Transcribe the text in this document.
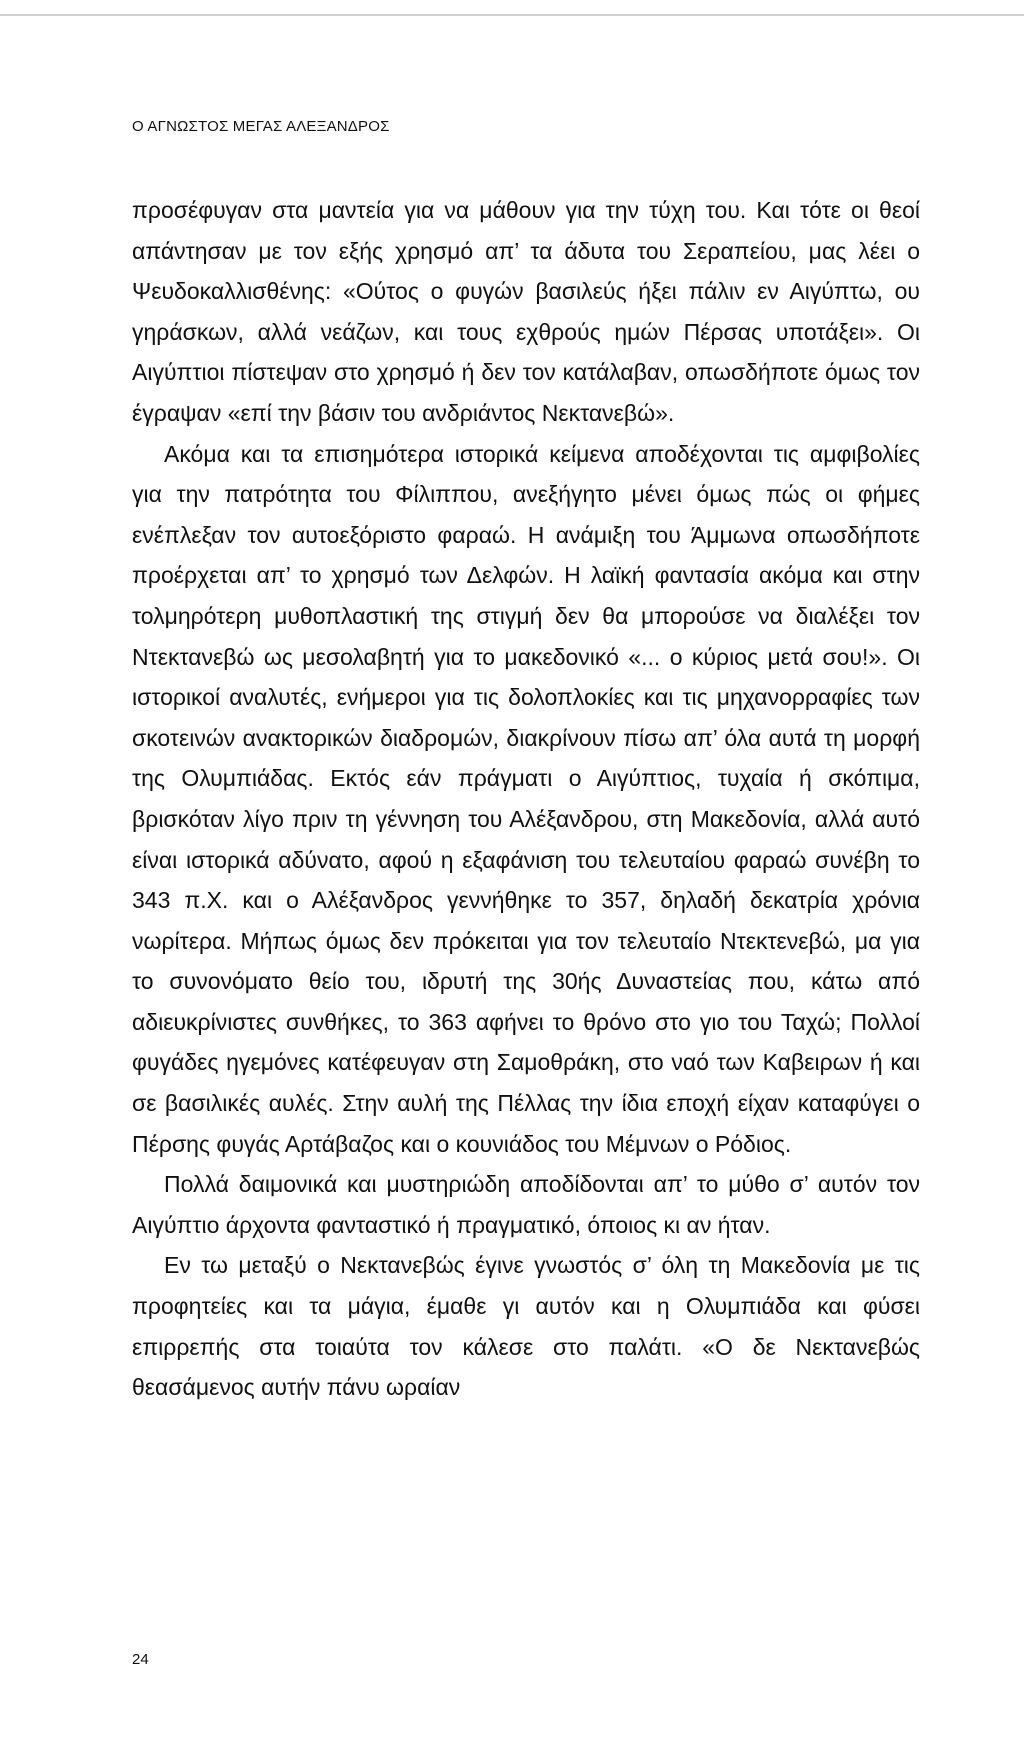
Ο ΑΓΝΩΣΤΟΣ ΜΕΓΑΣ ΑΛΕΞΑΝΔΡΟΣ

προσέφυγαν στα μαντεία για να μάθουν για την τύχη του. Και τότε οι θεοί απάντησαν με τον εξής χρησμό απ’ τα άδυτα του Σεραπείου, μας λέει ο Ψευδοκαλλισθένης: «Ούτος ο φυγών βασιλεύς ήξει πάλιν εν Αιγύπτω, ου γηράσκων, αλλά νεάζων, και τους εχθρούς ημών Πέρσας υποτάξει». Οι Αιγύπτιοι πίστεψαν στο χρησμό ή δεν τον κατάλαβαν, οπωσδήποτε όμως τον έγραψαν «επί την βάσιν του ανδριάντος Νεκτανεβώ».

Ακόμα και τα επισημότερα ιστορικά κείμενα αποδέχονται τις αμφιβολίες για την πατρότητα του Φίλιππου, ανεξήγητο μένει όμως πώς οι φήμες ενέπλεξαν τον αυτοεξόριστο φαραώ. Η ανάμιξη του Άμμωνα οπωσδήποτε προέρχεται απ’ το χρησμό των Δελφών. Η λαϊκή φαντασία ακόμα και στην τολμηρότερη μυθοπλαστική της στιγμή δεν θα μπορούσε να διαλέξει τον Ντεκτανεβώ ως μεσολαβητή για το μακεδονικό «... ο κύριος μετά σου!». Οι ιστορικοί αναλυτές, ενήμεροι για τις δολοπλοκίες και τις μηχανορραφίες των σκοτεινών ανακτορικών διαδρομών, διακρίνουν πίσω απ’ όλα αυτά τη μορφή της Ολυμπιάδας. Εκτός εάν πράγματι ο Αιγύπτιος, τυχαία ή σκόπιμα, βρισκόταν λίγο πριν τη γέννηση του Αλέξανδρου, στη Μακεδονία, αλλά αυτό είναι ιστορικά αδύνατο, αφού η εξαφάνιση του τελευταίου φαραώ συνέβη το 343 π.Χ. και ο Αλέξανδρος γεννήθηκε το 357, δηλαδή δεκατρία χρόνια νωρίτερα. Μήπως όμως δεν πρόκειται για τον τελευταίο Ντεκτενεβώ, μα για το συνονόματο θείο του, ιδρυτή της 30ής Δυναστείας που, κάτω από αδιευκρίνιστες συνθήκες, το 363 αφήνει το θρόνο στο γιο του Ταχώ; Πολλοί φυγάδες ηγεμόνες κατέφευγαν στη Σαμοθράκη, στο ναό των Καβειρων ή και σε βασιλικές αυλές. Στην αυλή της Πέλλας την ίδια εποχή είχαν καταφύγει ο Πέρσης φυγάς Αρτάβαζος και ο κουνιάδος του Μέμνων ο Ρόδιος.

Πολλά δαιμονικά και μυστηριώδη αποδίδονται απ’ το μύθο σ’ αυτόν τον Αιγύπτιο άρχοντα φανταστικό ή πραγματικό, όποιος κι αν ήταν.

Εν τω μεταξύ ο Νεκτανεβώς έγινε γνωστός σ’ όλη τη Μακεδονία με τις προφητείες και τα μάγια, έμαθε γι αυτόν και η Ολυμπιάδα και φύσει επιρρεπής στα τοιαύτα τον κάλεσε στο παλάτι. «Ο δε Νεκτανεβώς θεασάμενος αυτήν πάνυ ωραίαν

24
